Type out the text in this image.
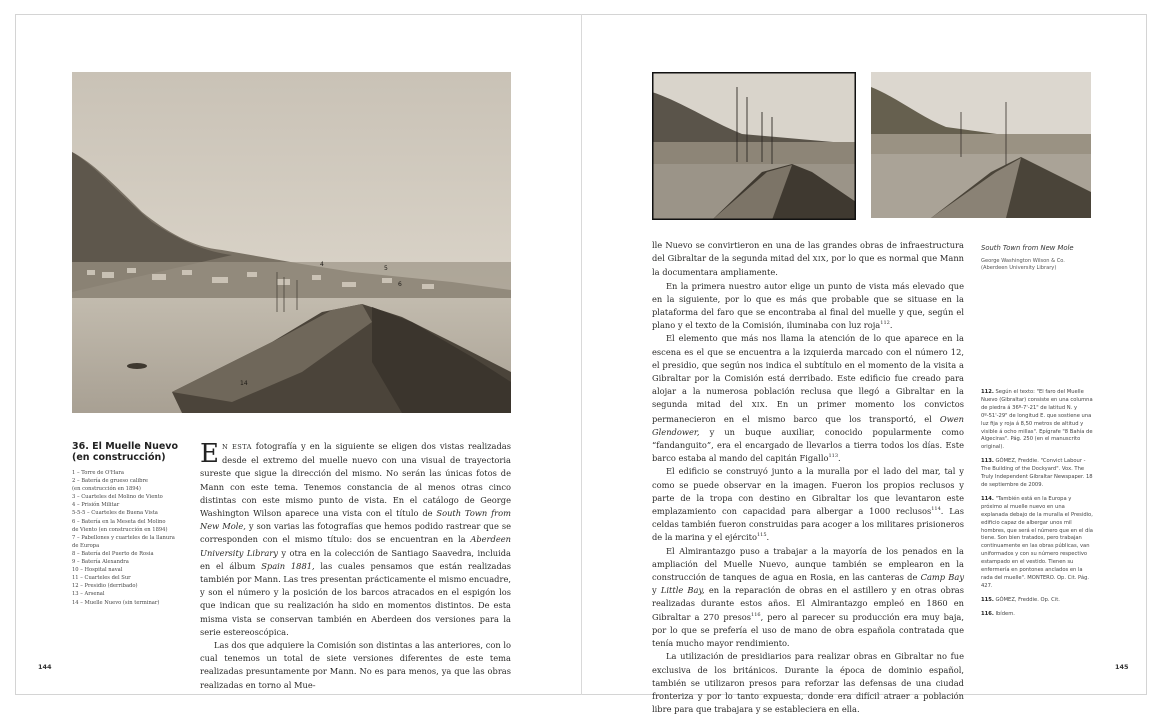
5
6
4
14
36. El Muelle Nuevo
(en construcción)
1 – Torre de O'Hara
2 – Batería de grueso calibre
(en construcción en 1894)
3 – Cuarteles del Molino de Viento
4 – Prisión Militar
5-5-5 – Cuarteles de Buena Vista
6 – Batería en la Meseta del Molino
de Viento (en construcción en 1894)
7 – Pabellones y cuarteles de la llanura
de Europa
8 – Batería del Puerto de Rosia
9 – Batería Alexandra
10 – Hospital naval
11 – Cuarteles del Sur
12 – Presidio (derribado)
13 – Arsenal
14 – Muelle Nuevo (sin terminar)

E N ESTA fotografía y en la siguiente se eligen dos vistas realizadas desde el extremo del muelle nuevo con una visual de trayectoria sureste que sigue la dirección del mismo. No serán las únicas fotos de Mann con este tema. Tenemos constancia de al menos otras cinco distintas con este mismo punto de vista. En el catálogo de George Washington Wilson aparece una vista con el título de South Town from New Mole, y son varias las fotografías que hemos podido rastrear que se corresponden con el mismo título: dos se encuentran en la Aberdeen University Library y otra en la colección de Santiago Saavedra, incluida en el álbum Spain 1881, las cuales pensamos que están realizadas también por Mann. Las tres presentan prácticamente el mismo encuadre, y son el número y la posición de los barcos atracados en el espigón los que indican que su realización ha sido en momentos distintos. De esta misma vista se conservan también en Aberdeen dos versiones para la serie estereoscópica.

Las dos que adquiere la Comisión son distintas a las anteriores, con lo cual tenemos un total de siete versiones diferentes de este tema realizadas presuntamente por Mann. No es para menos, ya que las obras realizadas en torno al Mue-

lle Nuevo se convirtieron en una de las grandes obras de infraestructura del Gibraltar de la segunda mitad del XIX, por lo que es normal que Mann la documentara ampliamente.

En la primera nuestro autor elige un punto de vista más elevado que en la siguiente, por lo que es más que probable que se situase en la plataforma del faro que se encontraba al final del muelle y que, según el plano y el texto de la Comisión, iluminaba con luz roja$^{112}$.

El elemento que más nos llama la atención de lo que aparece en la escena es el que se encuentra a la izquierda marcado con el número 12, el presidio, que según nos indica el subtítulo en el momento de la visita a Gibraltar por la Comisión está derribado. Este edificio fue creado para alojar a la numerosa población reclusa que llegó a Gibraltar en la segunda mitad del XIX. En un primer momento los convictos permanecieron en el mismo barco que los transportó, el Owen Glendower, y un buque auxiliar, conocido popularmente como “fandanguito”, era el encargado de llevarlos a tierra todos los días. Este barco estaba al mando del capitán Figallo$^{113}$.

El edificio se construyó junto a la muralla por el lado del mar, tal y como se puede observar en la imagen. Fueron los propios reclusos y parte de la tropa con destino en Gibraltar los que levantaron este emplazamiento con capacidad para albergar a 1000 reclusos$^{114}$. Las celdas también fueron construidas para acoger a los militares prisioneros de la marina y el ejército$^{115}$.

El Almirantazgo puso a trabajar a la mayoría de los penados en la ampliación del Muelle Nuevo, aunque también se emplearon en la construcción de tanques de agua en Rosia, en las canteras de Camp Bay y Little Bay, en la reparación de obras en el astillero y en otras obras realizadas durante estos años. El Almirantazgo empleó en 1860 en Gibraltar a 270 presos$^{116}$, pero al parecer su producción era muy baja, por lo que se prefería el uso de mano de obra española contratada que tenía mucho mayor rendimiento.

La utilización de presidiarios para realizar obras en Gibraltar no fue exclusiva de los británicos. Durante la época de dominio español, también se utilizaron presos para reforzar las defensas de una ciudad fronteriza y por lo tanto expuesta, donde era difícil atraer a población libre para que trabajara y se estableciera en ella.

South Town from New Mole
George Washington Wilson & Co.
(Aberdeen University Library)
112. Según el texto: "El faro del Muelle Nuevo (Gibraltar) consiste en una columna de piedra á 36º-7'-21" de latitud N. y 0º-51'-29" de longitud E. que sostiene una luz fija y roja á 8,50 metros de altitud y visible á ocho millas". Epígrafe "8 Bahía de Algeciras". Pág. 250 (en el manuscrito original).
113. GÓMEZ, Freddie. "Convict Labour - The Building of the Dockyard". Vox. The Truly Independent Gibraltar Newspaper. 18 de septiembre de 2009.
114. "También está en la Europa y próximo al muelle nuevo en una explanada debajo de la muralla el Presidio, edificio capaz de albergar unos mil hombres, que será el número que en el día tiene. Son bien tratados, pero trabajan continuamente en las obras públicas, van uniformados y con su número respectivo estampado en el vestido. Tienen su enfermería en pontones anclados en la rada del muelle". MONTERO. Op. Cit. Pág. 427.
115. GÓMEZ, Freddie. Op. Cit.
116. Ibídem.
144	145
